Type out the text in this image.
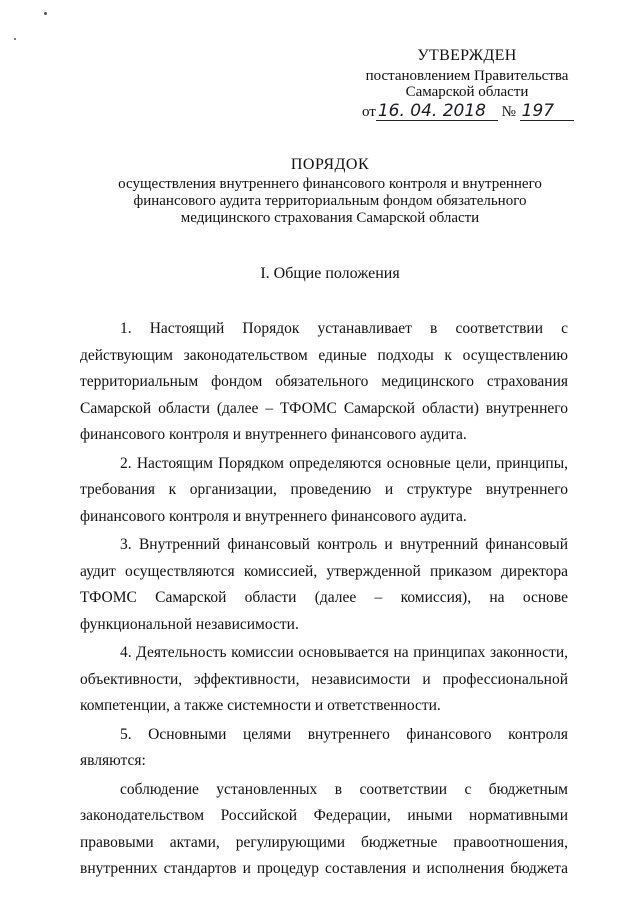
УТВЕРЖДЕН
постановлением Правительства
Самарской области
от 16. 04. 2018 № 197
ПОРЯДОК
осуществления внутреннего финансового контроля и внутреннего
финансового аудита территориальным фондом обязательного
медицинского страхования Самарской области
I. Общие положения

1. Настоящий Порядок устанавливает в соответствии с действующим законодательством единые подходы к осуществлению территориальным фондом обязательного медицинского страхования Самарской области (далее – ТФОМС Самарской области) внутреннего финансового контроля и внутреннего финансового аудита.

2. Настоящим Порядком определяются основные цели, принципы, требования к организации, проведению и структуре внутреннего финансового контроля и внутреннего финансового аудита.

3. Внутренний финансовый контроль и внутренний финансовый аудит осуществляются комиссией, утвержденной приказом директора ТФОМС Самарской области (далее – комиссия), на основе функциональной независимости.

4. Деятельность комиссии основывается на принципах законности, объективности, эффективности, независимости и профессиональной компетенции, а также системности и ответственности.

5. Основными целями внутреннего финансового контроля являются:

соблюдение установленных в соответствии с бюджетным законодательством Российской Федерации, иными нормативными правовыми актами, регулирующими бюджетные правоотношения, внутренних стандартов и процедур составления и исполнения бюджета
